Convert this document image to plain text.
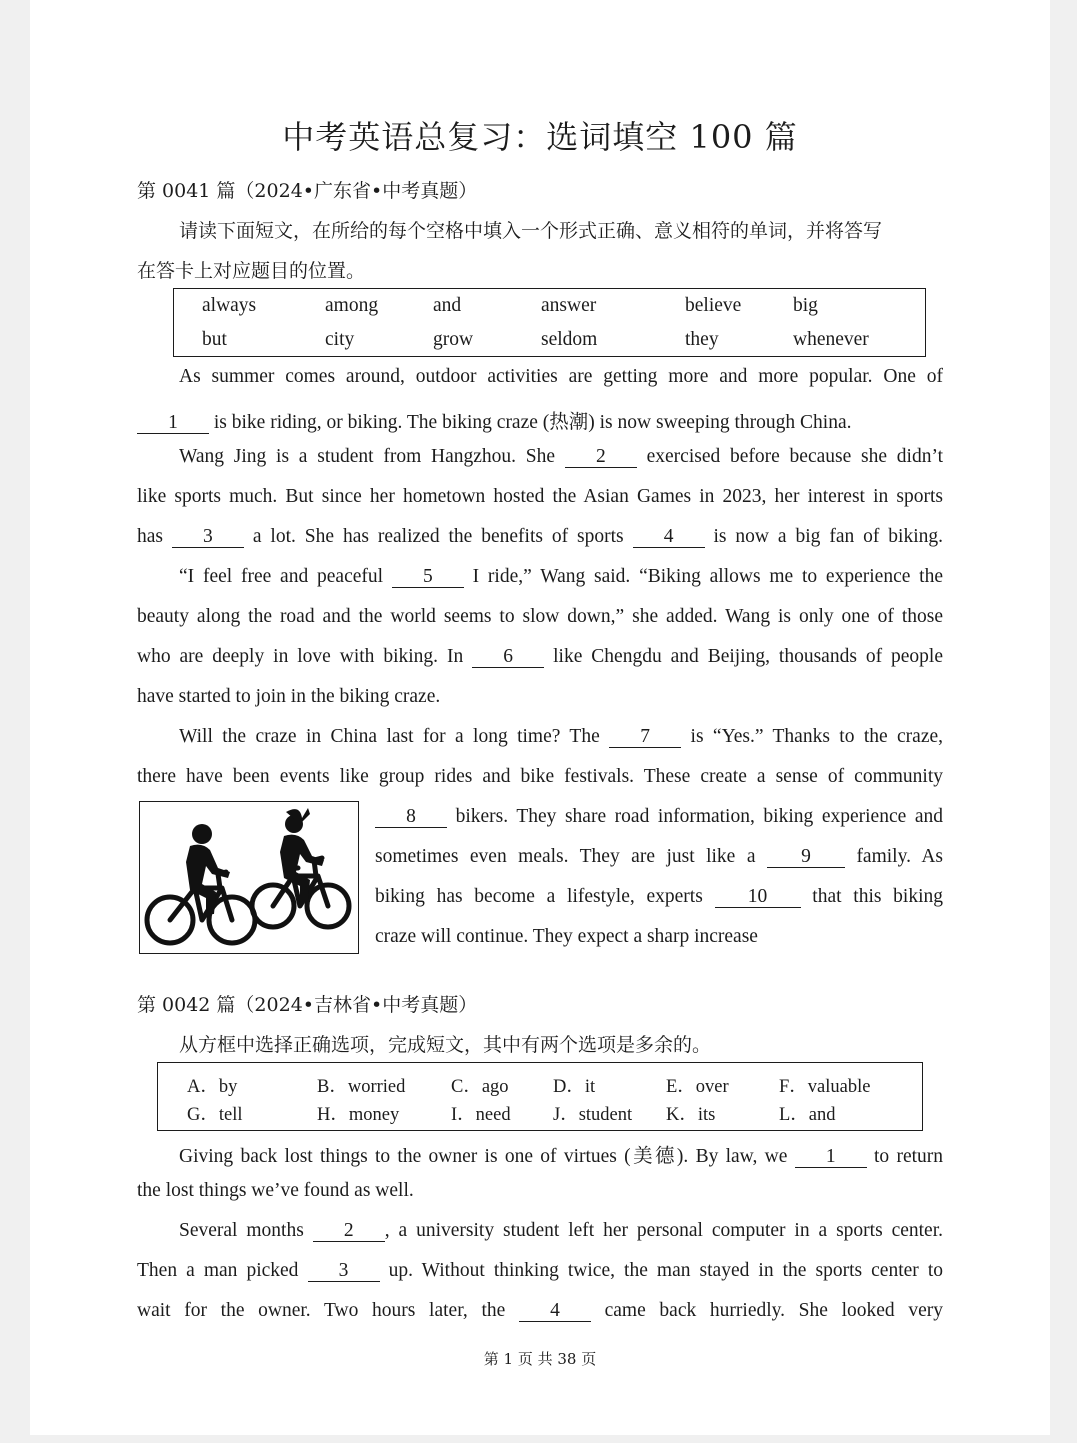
中考英语总复习：选词填空 100 篇
第 0041 篇（2024•广东省•中考真题）
请读下面短文，在所给的每个空格中填入一个形式正确、意义相符的单词，并将答写
在答卡上对应题目的位置。
always	among	and	answer	believe	big
but	city	grow	seldom	they	whenever
As summer comes around, outdoor activities are getting more and more popular. One of
1 is bike riding, or biking. The biking craze (热潮) is now sweeping through China.
Wang Jing is a student from Hangzhou. She 2 exercised before because she didn’t
like sports much. But since her hometown hosted the Asian Games in 2023, her interest in sports
has 3 a lot. She has realized the benefits of sports 4 is now a big fan of biking.
“I feel free and peaceful 5 I ride,” Wang said. “Biking allows me to experience the
beauty along the road and the world seems to slow down,” she added. Wang is only one of those
who are deeply in love with biking. In 6 like Chengdu and Beijing, thousands of people
have started to join in the biking craze.
Will the craze in China last for a long time? The 7 is “Yes.” Thanks to the craze,
there have been events like group rides and bike festivals. These create a sense of community
8 bikers. They share road information, biking experience and
sometimes even meals. They are just like a 9 family. As
biking has become a lifestyle, experts 10 that this biking
craze will continue. They expect a sharp increase
第 0042 篇（2024•吉林省•中考真题）
从方框中选择正确选项，完成短文，其中有两个选项是多余的。
A．by	B．worried C．ago D．it	E．over	F．valuable
G．tell	H．money	I．need J．student K．its	L．and
Giving back lost things to the owner is one of virtues (美德). By law, we 1 to return
the lost things we’ve found as well.
Several months 2 , a university student left her personal computer in a sports center.
Then a man picked 3 up. Without thinking twice, the man stayed in the sports center to
wait for the owner. Two hours later, the 4 came back hurriedly. She looked very
第 1 页 共 38 页
